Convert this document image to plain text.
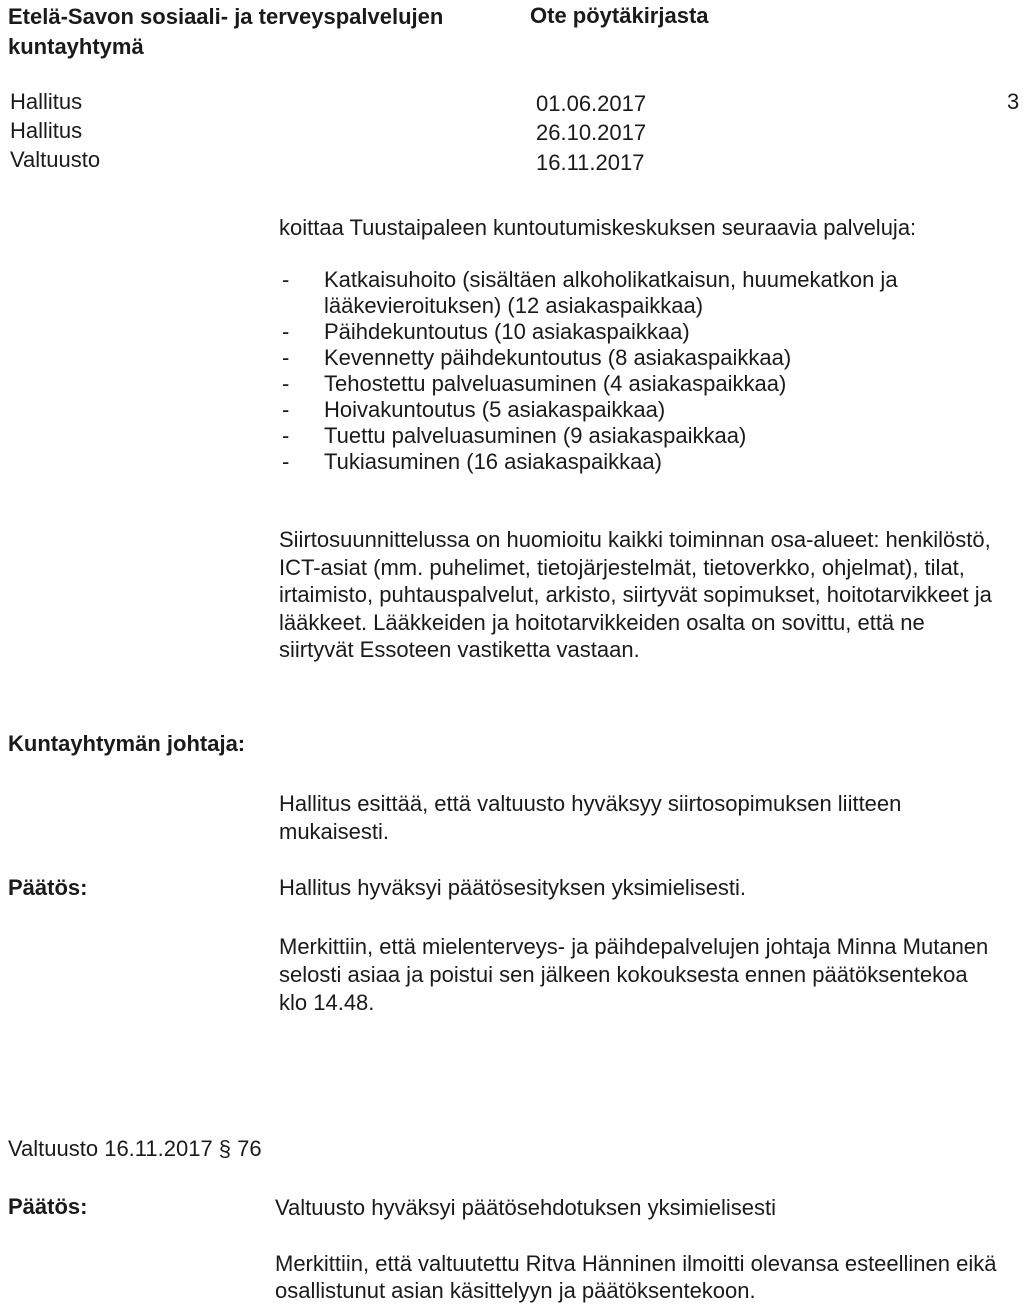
Etelä-Savon sosiaali- ja terveyspalvelujen kuntayhtymä
Ote pöytäkirjasta
Hallitus	01.06.2017
Hallitus	26.10.2017
Valtuusto	16.11.2017
3
koittaa Tuustaipaleen kuntoutumiskeskuksen seuraavia palveluja:
- Katkaisuhoito (sisältäen alkoholikatkaisun, huumekatkon ja lääkevieroituksen) (12 asiakaspaikkaa)
- Päihdekuntoutus (10 asiakaspaikkaa)
- Kevennetty päihdekuntoutus (8 asiakaspaikkaa)
- Tehostettu palveluasuminen (4 asiakaspaikkaa)
- Hoivakuntoutus (5 asiakaspaikkaa)
- Tuettu palveluasuminen (9 asiakaspaikkaa)
- Tukiasuminen (16 asiakaspaikkaa)
Siirtosuunnittelussa on huomioitu kaikki toiminnan osa-alueet: henkilöstö, ICT-asiat (mm. puhelimet, tietojärjestelmät, tietoverkko, ohjelmat), tilat, irtaimisto, puhtauspalvelut, arkisto, siirtyvät sopimukset, hoitotarvikkeet ja lääkkeet. Lääkkeiden ja hoitotarvikkeiden osalta on sovittu, että ne siirtyvät Essoteen vastiketta vastaan.
Kuntayhtymän johtaja:
Hallitus esittää, että valtuusto hyväksyy siirtosopimuksen liitteen mukaisesti.
Päätös:	Hallitus hyväksyi päätösesityksen yksimielisesti.
Merkittiin, että mielenterveys- ja päihdepalvelujen johtaja Minna Mutanen selosti asiaa ja poistui sen jälkeen kokouksesta ennen päätöksentekoa klo 14.48.
Valtuusto 16.11.2017 § 76
Päätös:	Valtuusto hyväksyi päätösehdotuksen yksimielisesti
Merkittiin, että valtuutettu Ritva Hänninen ilmoitti olevansa esteellinen eikä osallistunut asian käsittelyyn ja päätöksentekoon.
